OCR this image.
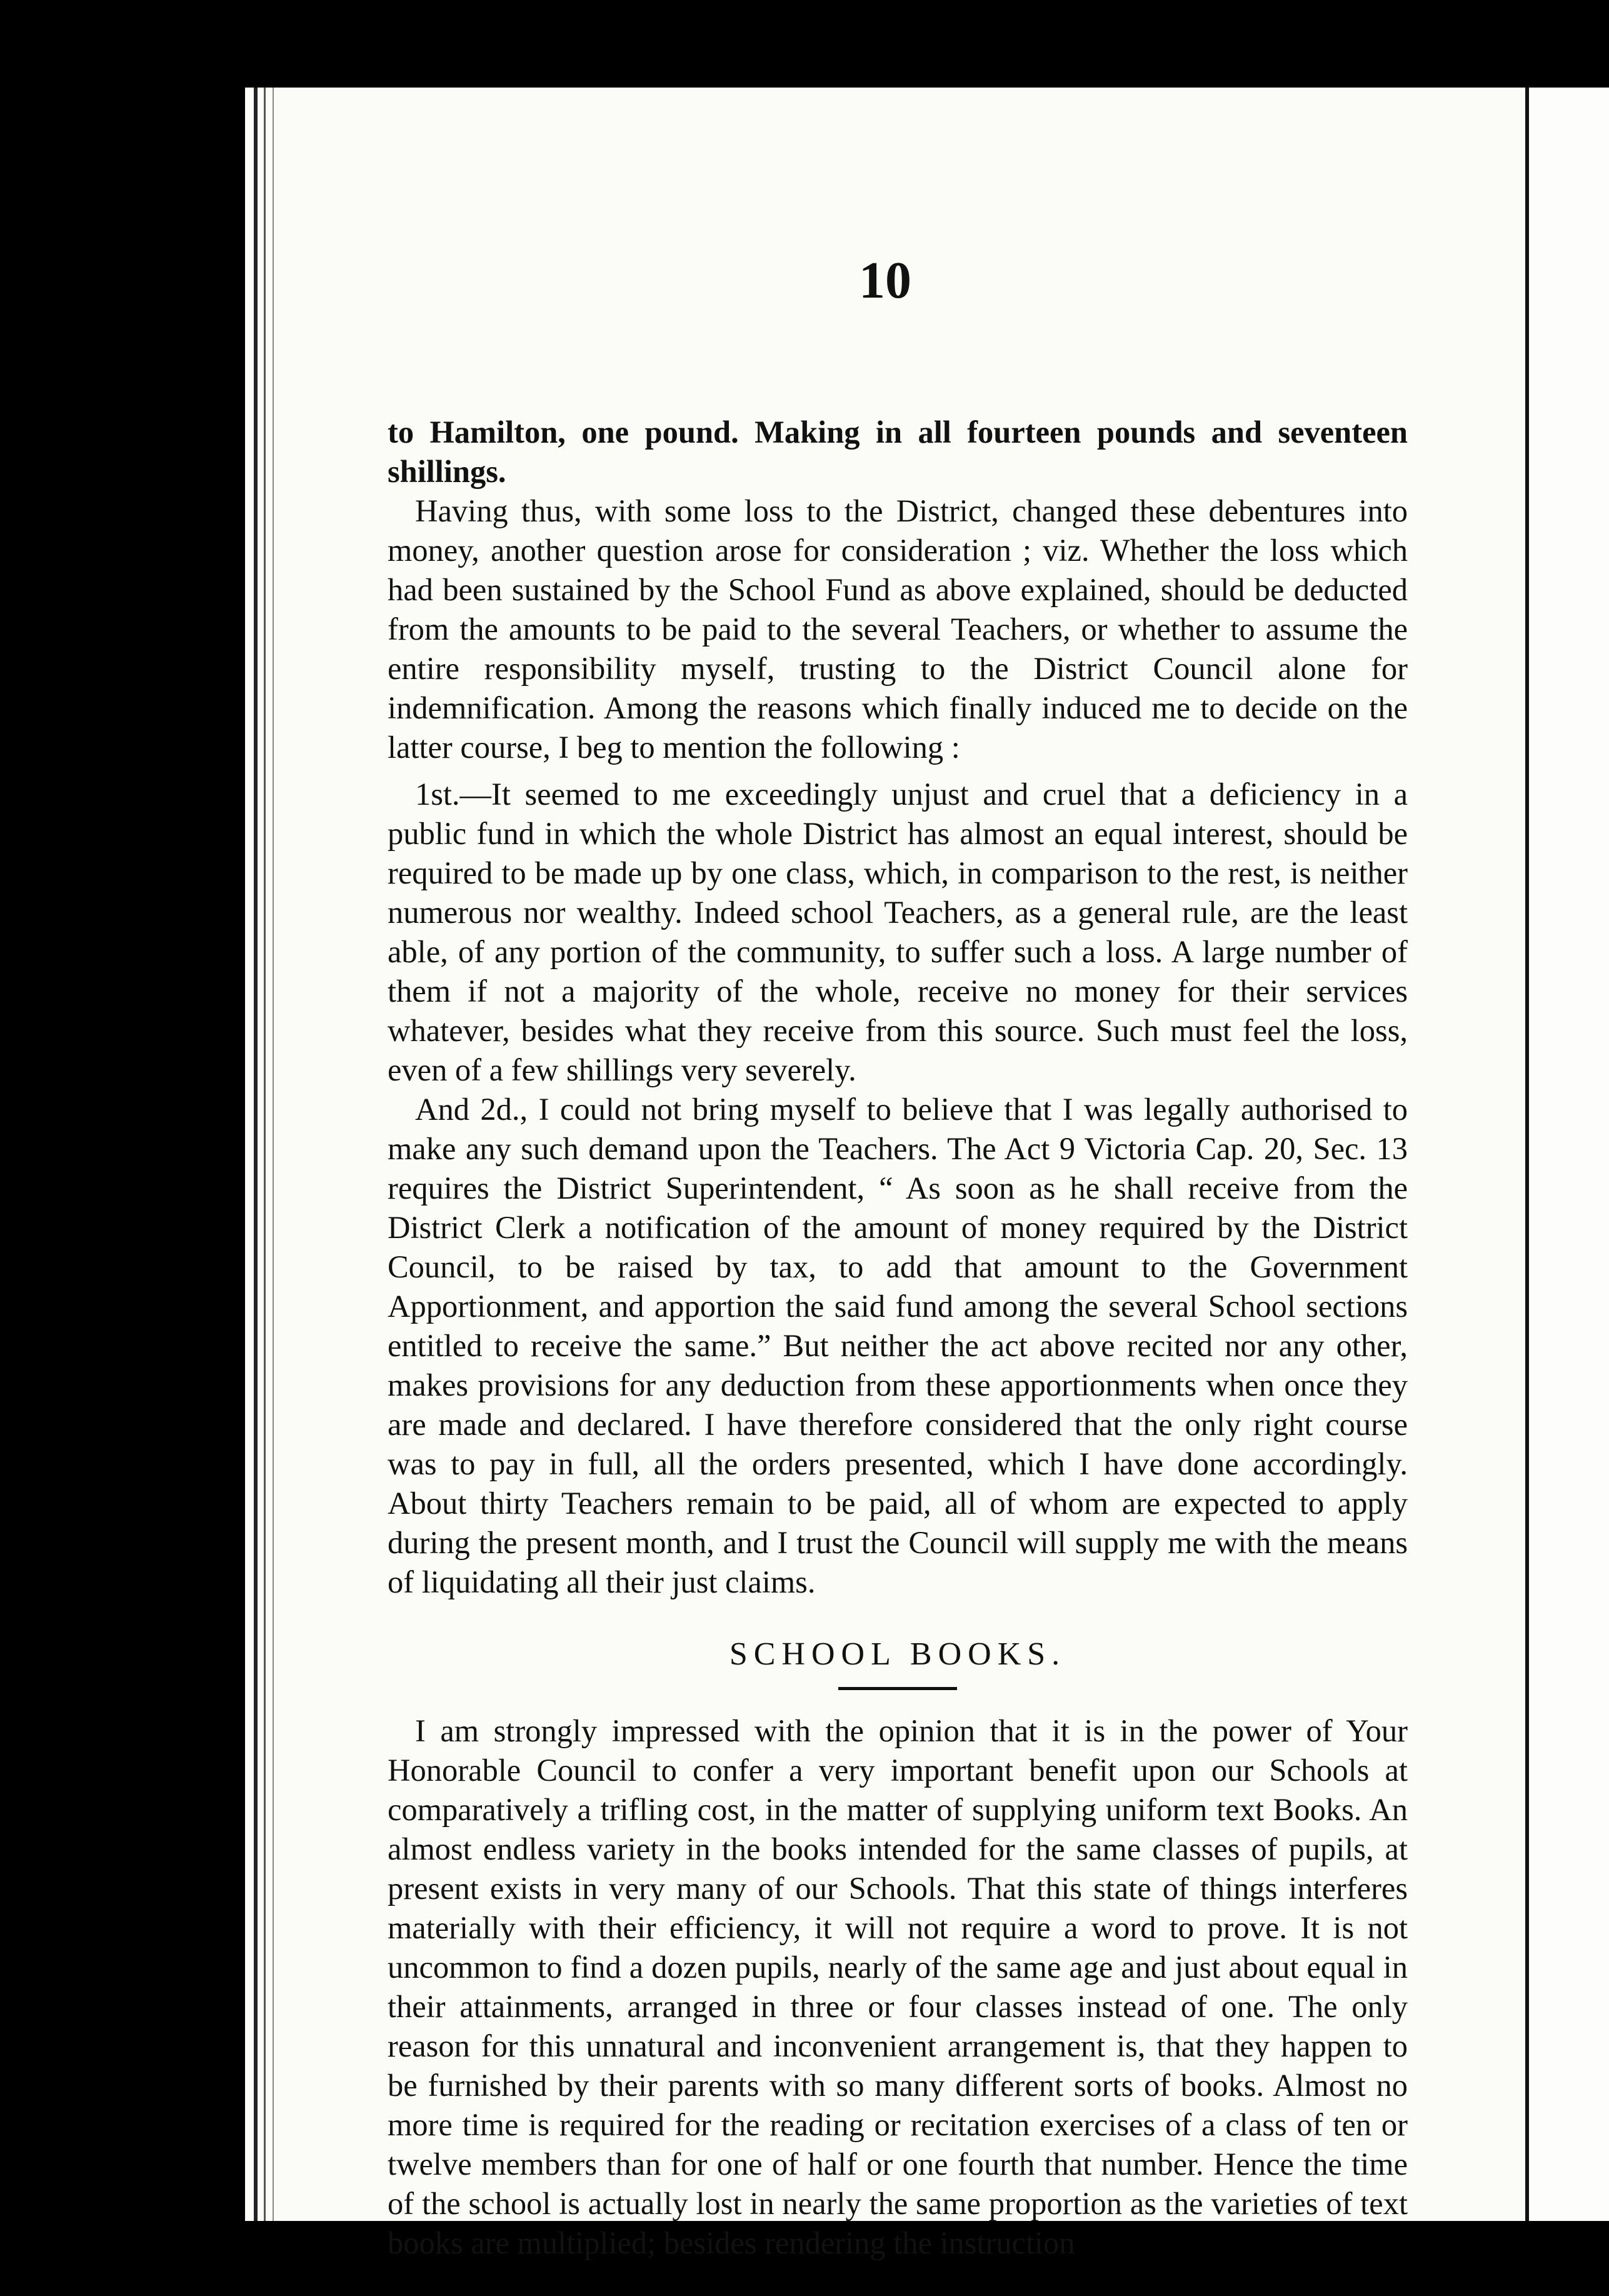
10

to Hamilton, one pound. Making in all fourteen pounds and seventeen shillings.

Having thus, with some loss to the District, changed these debentures into money, another question arose for consideration ; viz. Whether the loss which had been sustained by the School Fund as above explained, should be deducted from the amounts to be paid to the several Teachers, or whether to assume the entire responsibility myself, trusting to the District Council alone for indemnification. Among the reasons which finally induced me to decide on the latter course, I beg to mention the following :

1st.—It seemed to me exceedingly unjust and cruel that a deficiency in a public fund in which the whole District has almost an equal interest, should be required to be made up by one class, which, in comparison to the rest, is neither numerous nor wealthy. Indeed school Teachers, as a general rule, are the least able, of any portion of the community, to suffer such a loss. A large number of them if not a majority of the whole, receive no money for their services whatever, besides what they receive from this source. Such must feel the loss, even of a few shillings very severely.

And 2d., I could not bring myself to believe that I was legally authorised to make any such demand upon the Teachers. The Act 9 Victoria Cap. 20, Sec. 13 requires the District Superintendent, “ As soon as he shall receive from the District Clerk a notification of the amount of money required by the District Council, to be raised by tax, to add that amount to the Government Apportionment, and apportion the said fund among the several School sections entitled to receive the same.” But neither the act above recited nor any other, makes provisions for any deduction from these apportionments when once they are made and declared. I have therefore considered that the only right course was to pay in full, all the orders presented, which I have done accordingly. About thirty Teachers remain to be paid, all of whom are expected to apply during the present month, and I trust the Council will supply me with the means of liquidating all their just claims.

SCHOOL BOOKS.

I am strongly impressed with the opinion that it is in the power of Your Honorable Council to confer a very important benefit upon our Schools at comparatively a trifling cost, in the matter of supplying uniform text Books. An almost endless variety in the books intended for the same classes of pupils, at present exists in very many of our Schools. That this state of things interferes materially with their efficiency, it will not require a word to prove. It is not uncommon to find a dozen pupils, nearly of the same age and just about equal in their attainments, arranged in three or four classes instead of one. The only reason for this unnatural and inconvenient arrangement is, that they happen to be furnished by their parents with so many different sorts of books. Almost no more time is required for the reading or recitation exercises of a class of ten or twelve members than for one of half or one fourth that number. Hence the time of the school is actually lost in nearly the same proportion as the varieties of text books are multiplied; besides rendering the instruction
